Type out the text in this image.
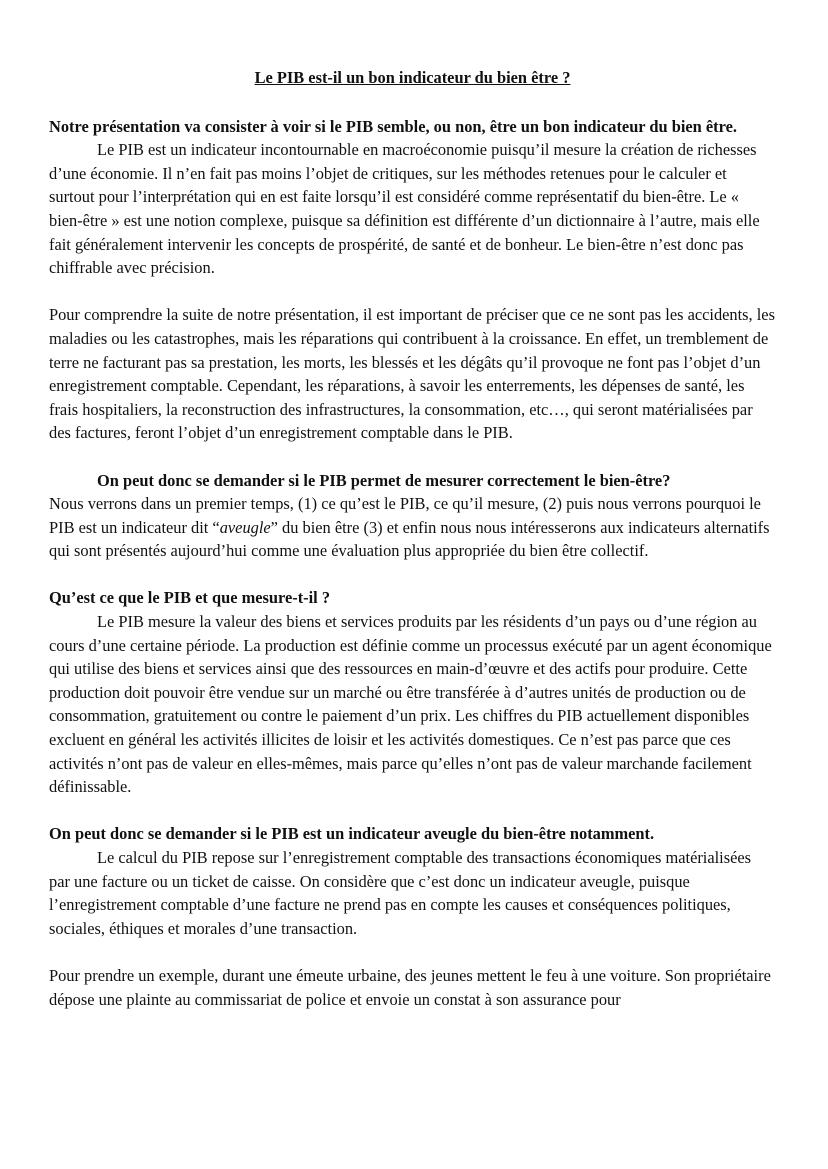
Le PIB est-il un bon indicateur du bien être ?

Notre présentation va consister à voir si le PIB semble, ou non, être un bon indicateur du bien être.

Le PIB est un indicateur incontournable en macroéconomie puisqu’il mesure la création de richesses d’une économie. Il n’en fait pas moins l’objet de critiques, sur les méthodes retenues pour le calculer et surtout pour l’interprétation qui en est faite lorsqu’il est considéré comme représentatif du bien-être. Le « bien-être » est une notion complexe, puisque sa définition est différente d’un dictionnaire à l’autre, mais elle fait généralement intervenir les concepts de prospérité, de santé et de bonheur. Le bien-être n’est donc pas chiffrable avec précision.

Pour comprendre la suite de notre présentation, il est important de préciser que ce ne sont pas les accidents, les maladies ou les catastrophes, mais les réparations qui contribuent à la croissance. En effet, un tremblement de terre ne facturant pas sa prestation, les morts, les blessés et les dégâts qu’il provoque ne font pas l’objet d’un enregistrement comptable. Cependant, les réparations, à savoir les enterrements, les dépenses de santé, les frais hospitaliers, la reconstruction des infrastructures, la consommation, etc…, qui seront matérialisées par des factures, feront l’objet d’un enregistrement comptable dans le PIB.

On peut donc se demander si le PIB permet de mesurer correctement le bien-être?

Nous verrons dans un premier temps, (1) ce qu’est le PIB, ce qu’il mesure, (2) puis nous verrons pourquoi le PIB est un indicateur dit “aveugle” du bien être (3) et enfin nous nous intéresserons aux indicateurs alternatifs qui sont présentés aujourd’hui comme une évaluation plus appropriée du bien être collectif.

Qu’est ce que le PIB et que mesure-t-il ?

Le PIB mesure la valeur des biens et services produits par les résidents d’un pays ou d’une région au cours d’une certaine période. La production est définie comme un processus exécuté par un agent économique qui utilise des biens et services ainsi que des ressources en main-d’œuvre et des actifs pour produire. Cette production doit pouvoir être vendue sur un marché ou être transférée à d’autres unités de production ou de consommation, gratuitement ou contre le paiement d’un prix. Les chiffres du PIB actuellement disponibles excluent en général les activités illicites de loisir et les activités domestiques. Ce n’est pas parce que ces activités n’ont pas de valeur en elles-mêmes, mais parce qu’elles n’ont pas de valeur marchande facilement définissable.

On peut donc se demander si le PIB est un indicateur aveugle du bien-être notamment.

Le calcul du PIB repose sur l’enregistrement comptable des transactions économiques matérialisées par une facture ou un ticket de caisse. On considère que c’est donc un indicateur aveugle, puisque l’enregistrement comptable d’une facture ne prend pas en compte les causes et conséquences politiques, sociales, éthiques et morales d’une transaction.

Pour prendre un exemple, durant une émeute urbaine, des jeunes mettent le feu à une voiture. Son propriétaire dépose une plainte au commissariat de police et envoie un constat à son assurance pour
